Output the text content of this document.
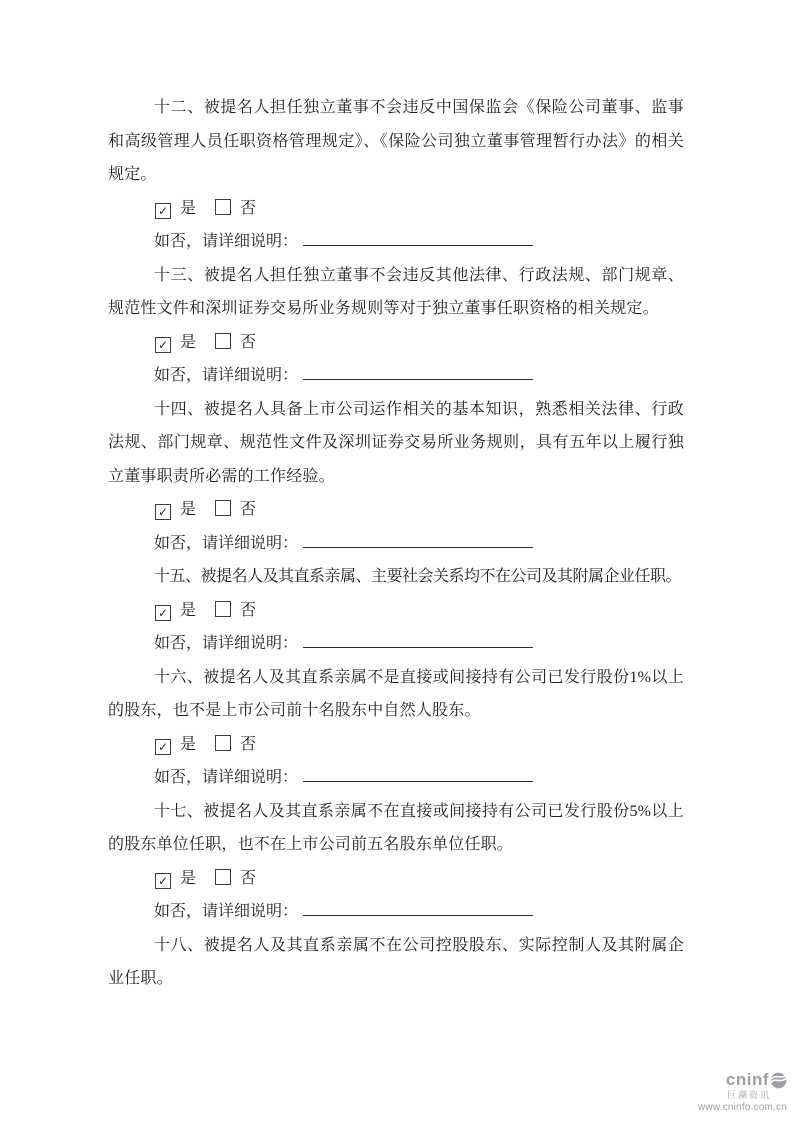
十二、被提名人担任独立董事不会违反中国保监会《保险公司董事、监事和高级管理人员任职资格管理规定》、《保险公司独立董事管理暂行办法》的相关规定。

✓ 是	否
如否，请详细说明：

十三、被提名人担任独立董事不会违反其他法律、行政法规、部门规章、规范性文件和深圳证券交易所业务规则等对于独立董事任职资格的相关规定。

✓ 是	否
如否，请详细说明：

十四、被提名人具备上市公司运作相关的基本知识，熟悉相关法律、行政法规、部门规章、规范性文件及深圳证券交易所业务规则，具有五年以上履行独立董事职责所必需的工作经验。

✓ 是	否
如否，请详细说明：

十五、被提名人及其直系亲属、主要社会关系均不在公司及其附属企业任职。

✓ 是	否
如否，请详细说明：

十六、被提名人及其直系亲属不是直接或间接持有公司已发行股份1%以上的股东，也不是上市公司前十名股东中自然人股东。

✓ 是	否
如否，请详细说明：

十七、被提名人及其直系亲属不在直接或间接持有公司已发行股份5%以上的股东单位任职，也不在上市公司前五名股东单位任职。

✓ 是	否
如否，请详细说明：

十八、被提名人及其直系亲属不在公司控股股东、实际控制人及其附属企业任职。

cninf
巨潮资讯
www.cninfo.com.cn
